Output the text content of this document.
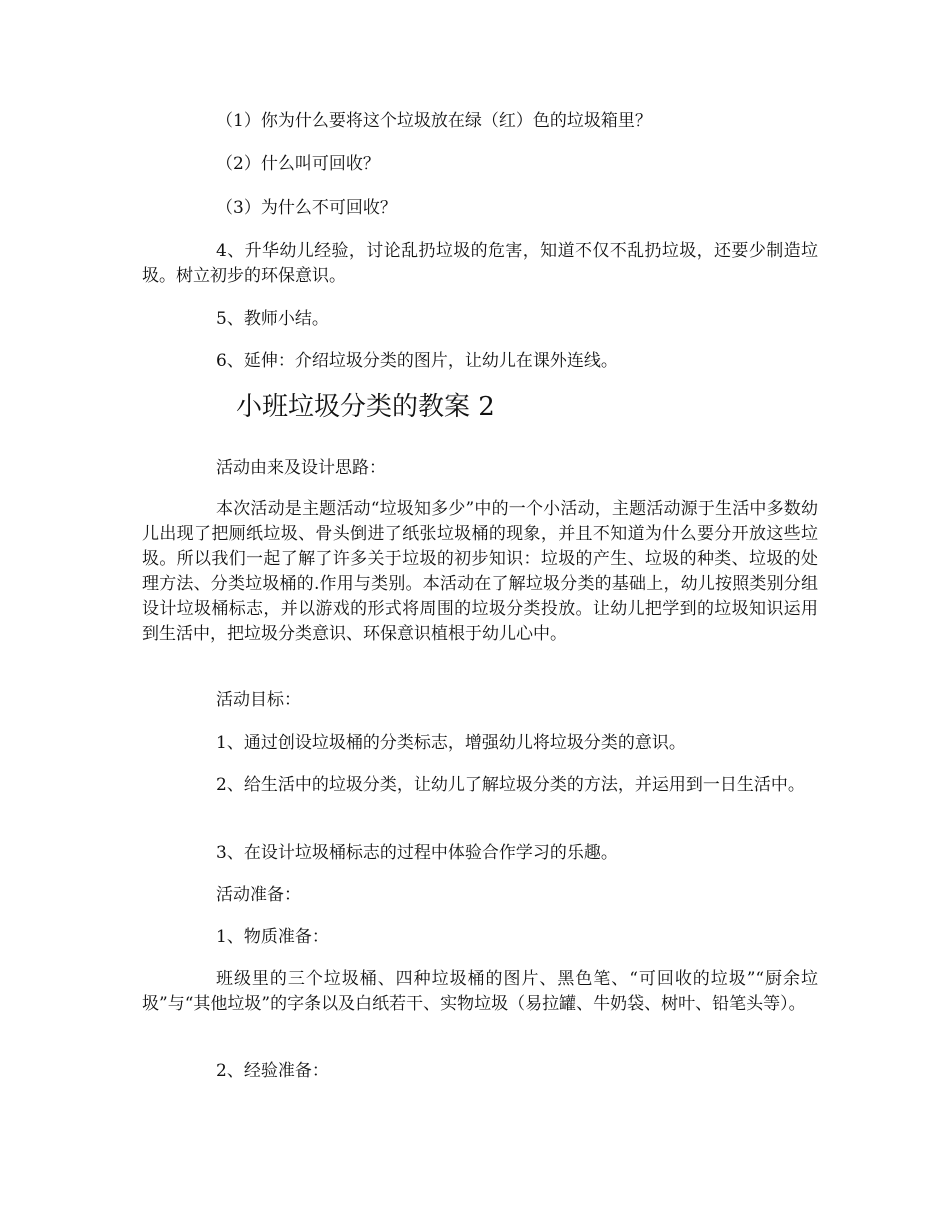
（1）你为什么要将这个垃圾放在绿（红）色的垃圾箱里？

（2）什么叫可回收？

（3）为什么不可回收？

4、升华幼儿经验，讨论乱扔垃圾的危害，知道不仅不乱扔垃圾，还要少制造垃圾。树立初步的环保意识。

5、教师小结。

6、延伸：介绍垃圾分类的图片，让幼儿在课外连线。

小班垃圾分类的教案 2

活动由来及设计思路：

本次活动是主题活动“垃圾知多少”中的一个小活动，主题活动源于生活中多数幼儿出现了把厕纸垃圾、骨头倒进了纸张垃圾桶的现象，并且不知道为什么要分开放这些垃圾。所以我们一起了解了许多关于垃圾的初步知识：垃圾的产生、垃圾的种类、垃圾的处理方法、分类垃圾桶的.作用与类别。本活动在了解垃圾分类的基础上，幼儿按照类别分组设计垃圾桶标志，并以游戏的形式将周围的垃圾分类投放。让幼儿把学到的垃圾知识运用到生活中，把垃圾分类意识、环保意识植根于幼儿心中。

活动目标：

1、通过创设垃圾桶的分类标志，增强幼儿将垃圾分类的意识。

2、给生活中的垃圾分类，让幼儿了解垃圾分类的方法，并运用到一日生活中。

3、在设计垃圾桶标志的过程中体验合作学习的乐趣。

活动准备：

1、物质准备：

班级里的三个垃圾桶、四种垃圾桶的图片、黑色笔、“可回收的垃圾”“厨余垃圾”与“其他垃圾”的字条以及白纸若干、实物垃圾（易拉罐、牛奶袋、树叶、铅笔头等）。

2、经验准备：
